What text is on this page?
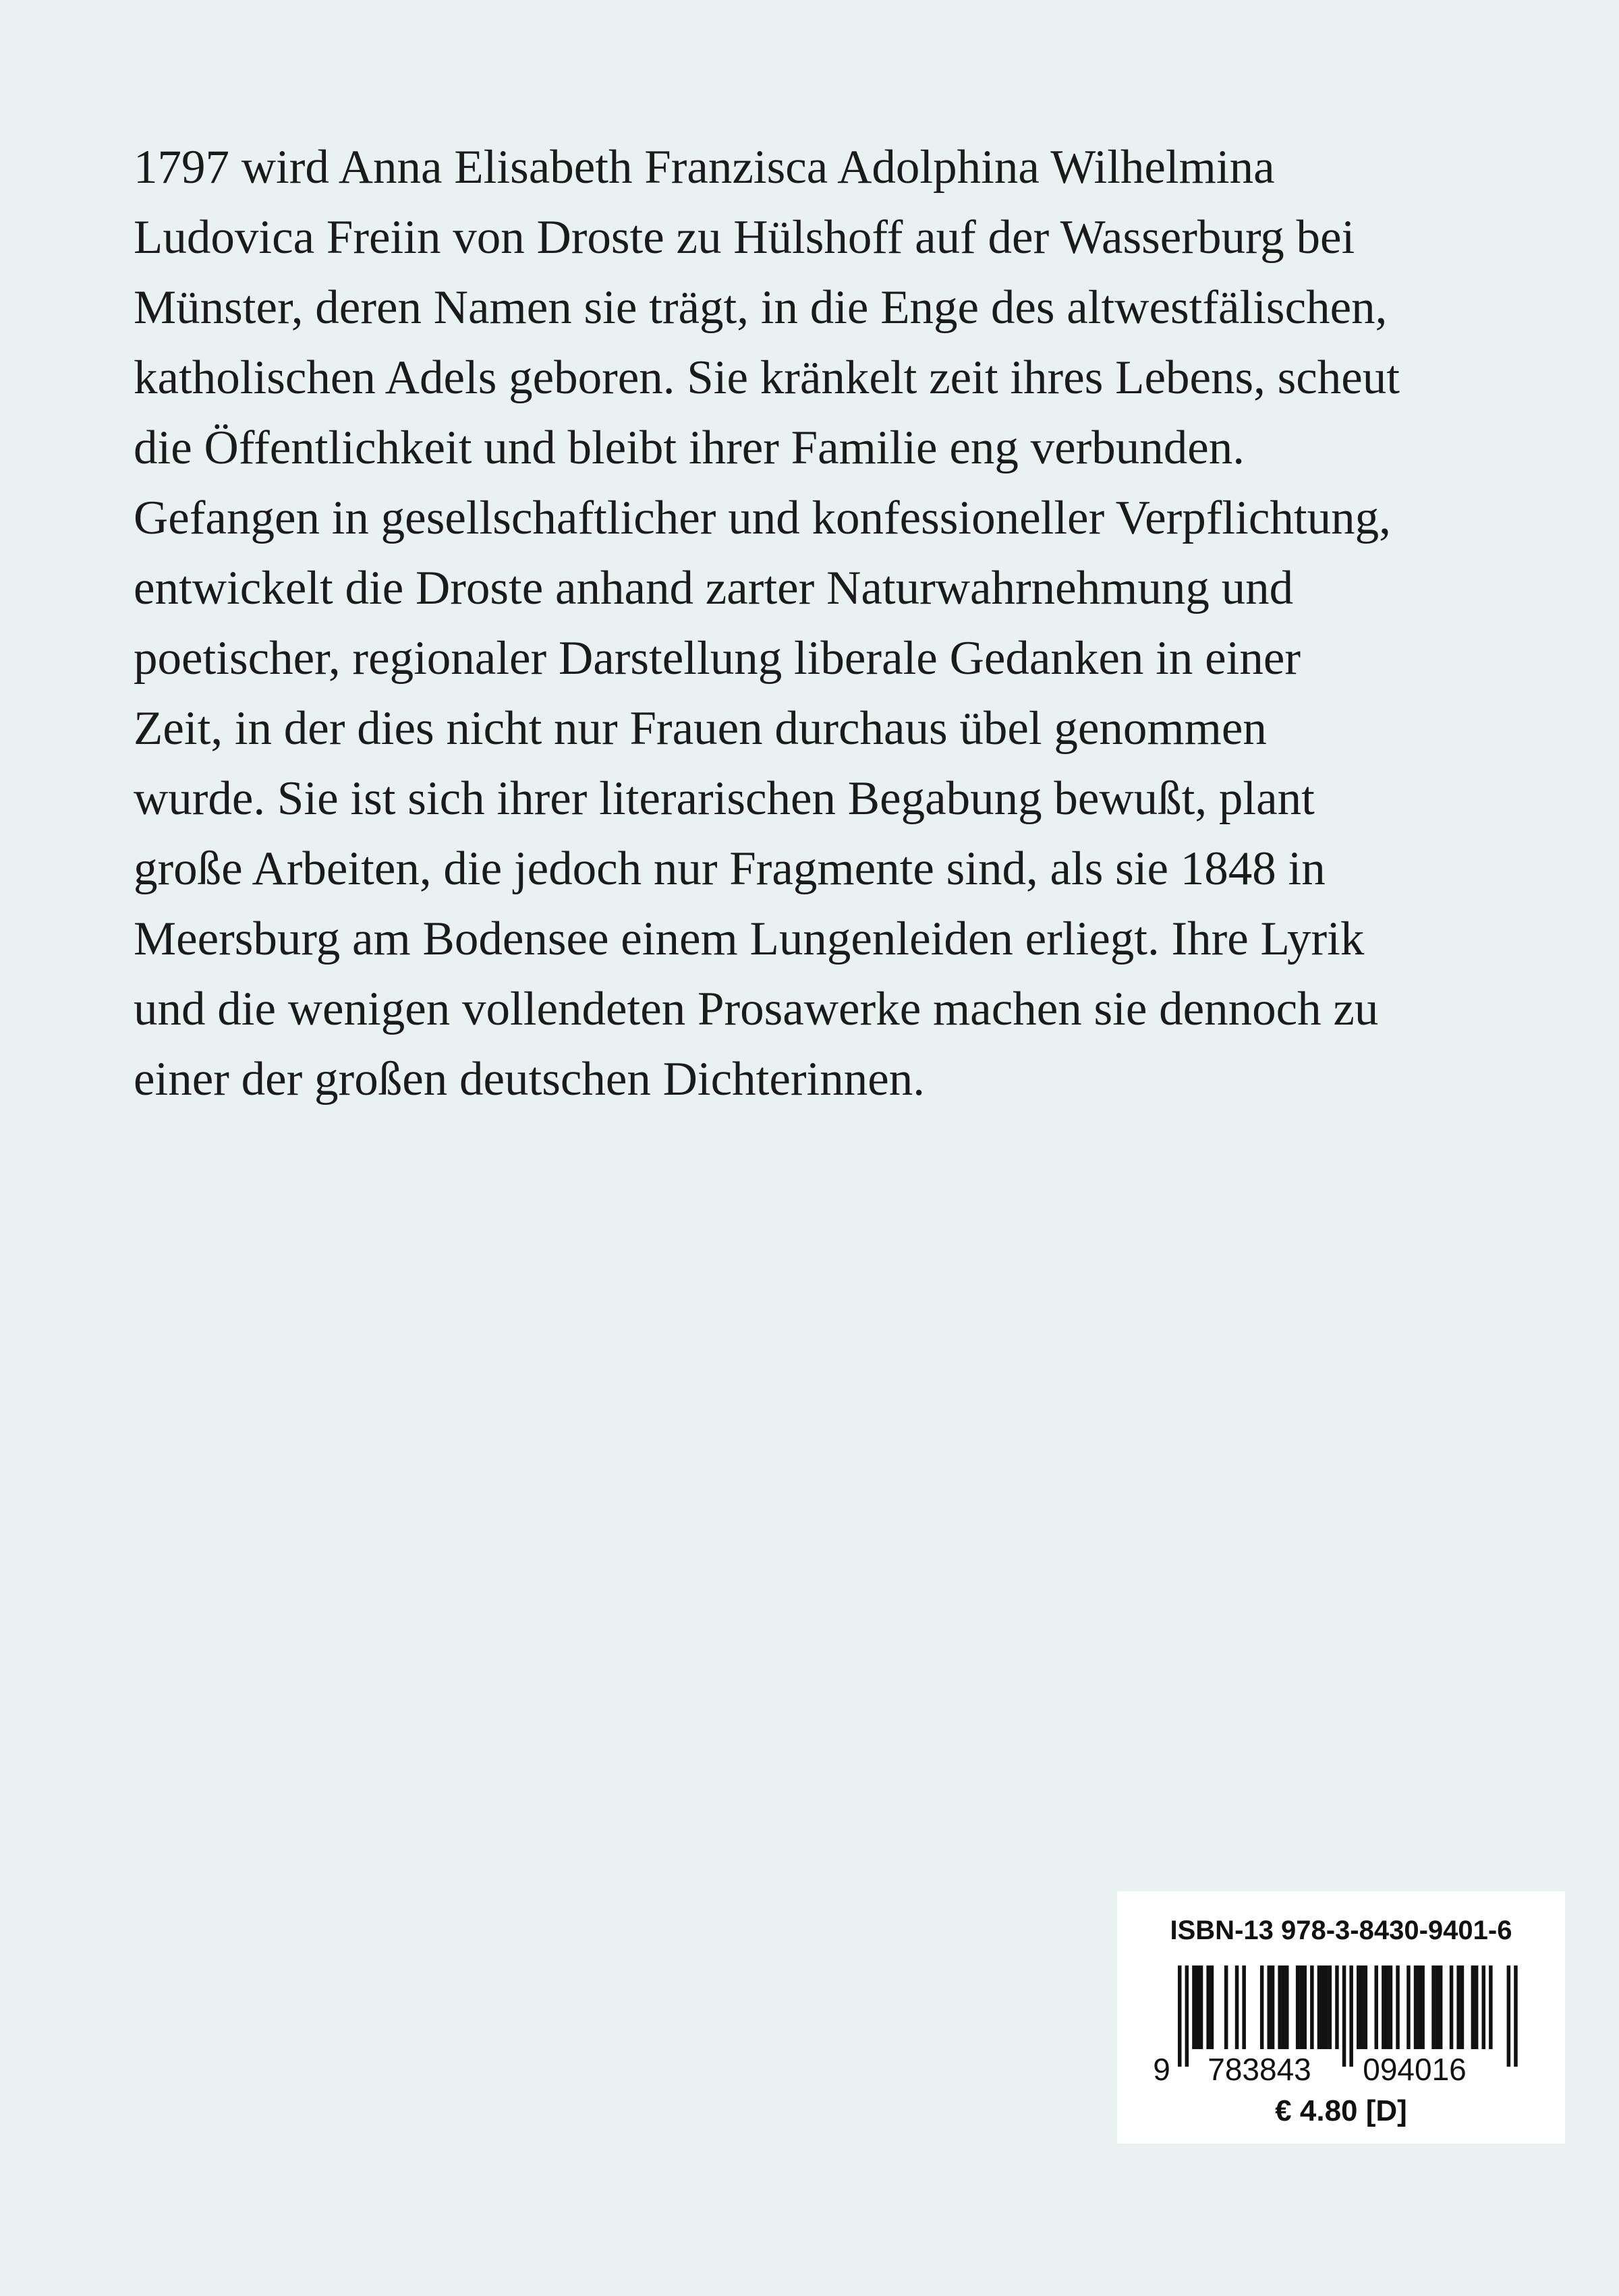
1797 wird Anna Elisabeth Franzisca Adolphina Wilhelmina
Ludovica Freiin von Droste zu Hülshoff auf der Wasserburg bei
Münster, deren Namen sie trägt, in die Enge des altwestfälischen,
katholischen Adels geboren. Sie kränkelt zeit ihres Lebens, scheut
die Öffentlichkeit und bleibt ihrer Familie eng verbunden.
Gefangen in gesellschaftlicher und konfessioneller Verpflichtung,
entwickelt die Droste anhand zarter Naturwahrnehmung und
poetischer, regionaler Darstellung liberale Gedanken in einer
Zeit, in der dies nicht nur Frauen durchaus übel genommen
wurde. Sie ist sich ihrer literarischen Begabung bewußt, plant
große Arbeiten, die jedoch nur Fragmente sind, als sie 1848 in
Meersburg am Bodensee einem Lungenleiden erliegt. Ihre Lyrik
und die wenigen vollendeten Prosawerke machen sie dennoch zu
einer der großen deutschen Dichterinnen.
ISBN-13 978-3-8430-9401-6
9 783843 094016
€ 4.80 [D]
